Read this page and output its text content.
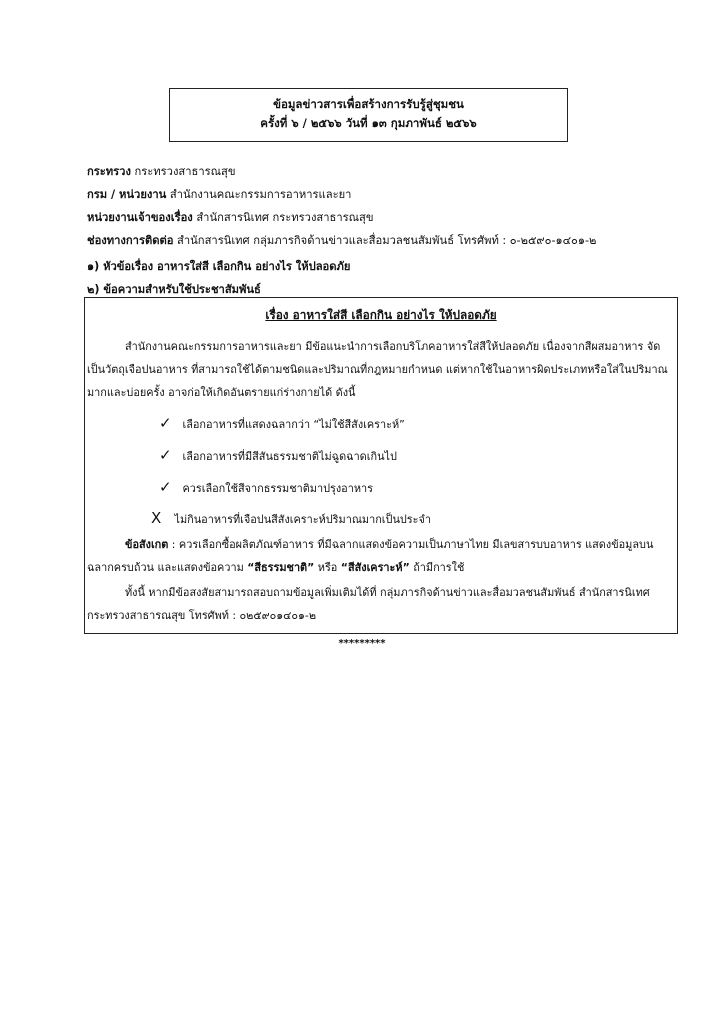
ข้อมูลข่าวสารเพื่อสร้างการรับรู้สู่ชุมชน
ครั้งที่ ๖ / ๒๕๖๖ วันที่ ๑๓ กุมภาพันธ์ ๒๕๖๖
กระทรวง กระทรวงสาธารณสุข
กรม / หน่วยงาน สำนักงานคณะกรรมการอาหารและยา
หน่วยงานเจ้าของเรื่อง สำนักสารนิเทศ กระทรวงสาธารณสุข
ช่องทางการติดต่อ สำนักสารนิเทศ กลุ่มภารกิจด้านข่าวและสื่อมวลชนสัมพันธ์ โทรศัพท์ : ๐-๒๕๙๐-๑๔๐๑-๒
๑) หัวข้อเรื่อง อาหารใส่สี เลือกกิน อย่างไร ให้ปลอดภัย
๒) ข้อความสำหรับใช้ประชาสัมพันธ์
เรื่อง อาหารใส่สี เลือกกิน อย่างไร ให้ปลอดภัย
สำนักงานคณะกรรมการอาหารและยา มีข้อแนะนำการเลือกบริโภคอาหารใส่สีให้ปลอดภัย เนื่องจากสีผสมอาหาร จัดเป็นวัตถุเจือปนอาหาร ที่สามารถใช้ได้ตามชนิดและปริมาณที่กฎหมายกำหนด แต่หากใช้ในอาหารผิดประเภทหรือใส่ในปริมาณมากและบ่อยครั้ง อาจก่อให้เกิดอันตรายแก่ร่างกายได้ ดังนี้
✓ เลือกอาหารที่แสดงฉลากว่า “ไม่ใช้สีสังเคราะห์”
✓ เลือกอาหารที่มีสีสันธรรมชาติไม่ฉูดฉาดเกินไป
✓ ควรเลือกใช้สีจากธรรมชาติมาปรุงอาหาร
X ไม่กินอาหารที่เจือปนสีสังเคราะห์ปริมาณมากเป็นประจำ
ข้อสังเกต : ควรเลือกซื้อผลิตภัณฑ์อาหาร ที่มีฉลากแสดงข้อความเป็นภาษาไทย มีเลขสารบบอาหาร แสดงข้อมูลบนฉลากครบถ้วน และแสดงข้อความ “สีธรรมชาติ” หรือ “สีสังเคราะห์” ถ้ามีการใช้
ทั้งนี้ หากมีข้อสงสัยสามารถสอบถามข้อมูลเพิ่มเติมได้ที่ กลุ่มภารกิจด้านข่าวและสื่อมวลชนสัมพันธ์ สำนักสารนิเทศ กระทรวงสาธารณสุข โทรศัพท์ : ๐๒๕๙๐๑๔๐๑-๒
*********
